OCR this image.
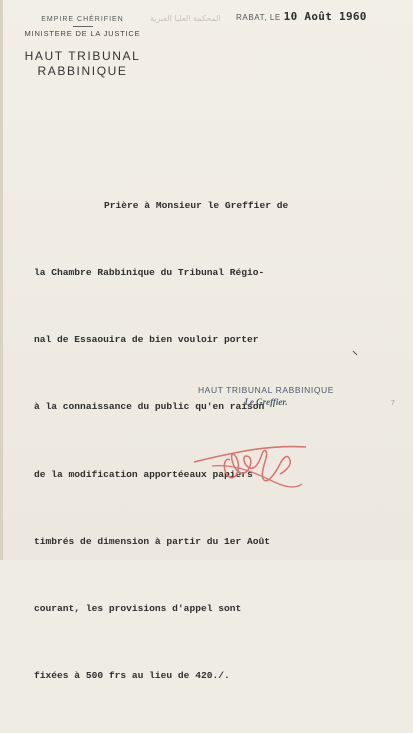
EMPIRE CHÉRIFIEN
MINISTERE DE LA JUSTICE
HAUT TRIBUNAL
RABBINIQUE
المحكمة العليا العبرية RABAT, LE 10 Août 1960

Prière à Monsieur le Greffier de

la Chambre Rabbinique du Tribunal Régio-

nal de Essaouira de bien vouloir porter

à la connaissance du public qu'en raison

de la modification apportéeaux papiers

timbrés de dimension à partir du 1er Août

courant, les provisions d'appel sont

fixées à 500 frs au lieu de 420./.

HAUT TRIBUNAL RABBINIQUE
Le Greffier.	7
